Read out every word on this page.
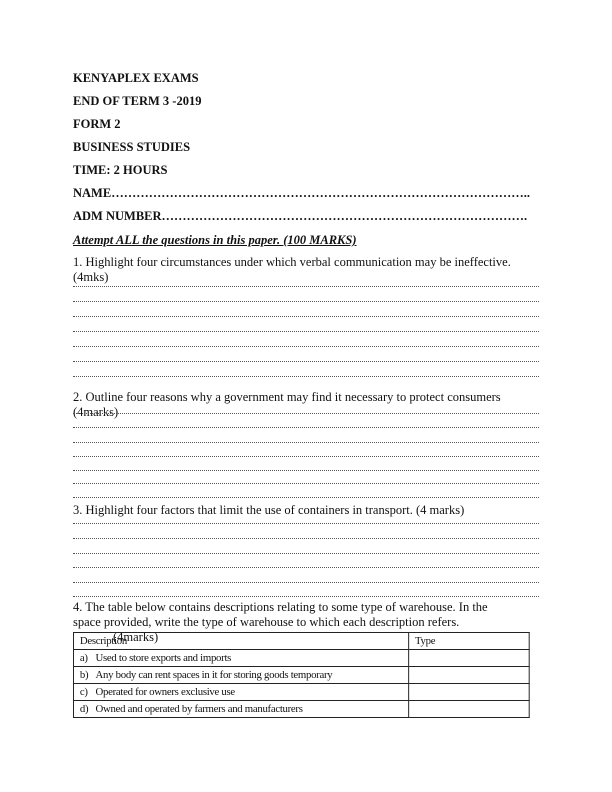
KENYAPLEX EXAMS
END OF TERM 3 -2019
FORM 2
BUSINESS STUDIES
TIME: 2 HOURS
NAME………………………………………………………………………………………..
ADM NUMBER…………………………………………………………………………….
Attempt ALL the questions in this paper. (100 MARKS)
1. Highlight four circumstances under which verbal communication may be ineffective. (4mks)
2. Outline four reasons why a government may find it necessary to protect consumers (4marks)
3. Highlight four factors that limit the use of containers in transport. (4 marks)
4. The table below contains descriptions relating to some type of warehouse. In the space provided, write the type of warehouse to which each description refers. (4marks)
Description	Type
a) Used to store exports and imports	
b) Any body can rent spaces in it for storing goods temporary	
c) Operated for owners exclusive use	
d) Owned and operated by farmers and manufacturers	
